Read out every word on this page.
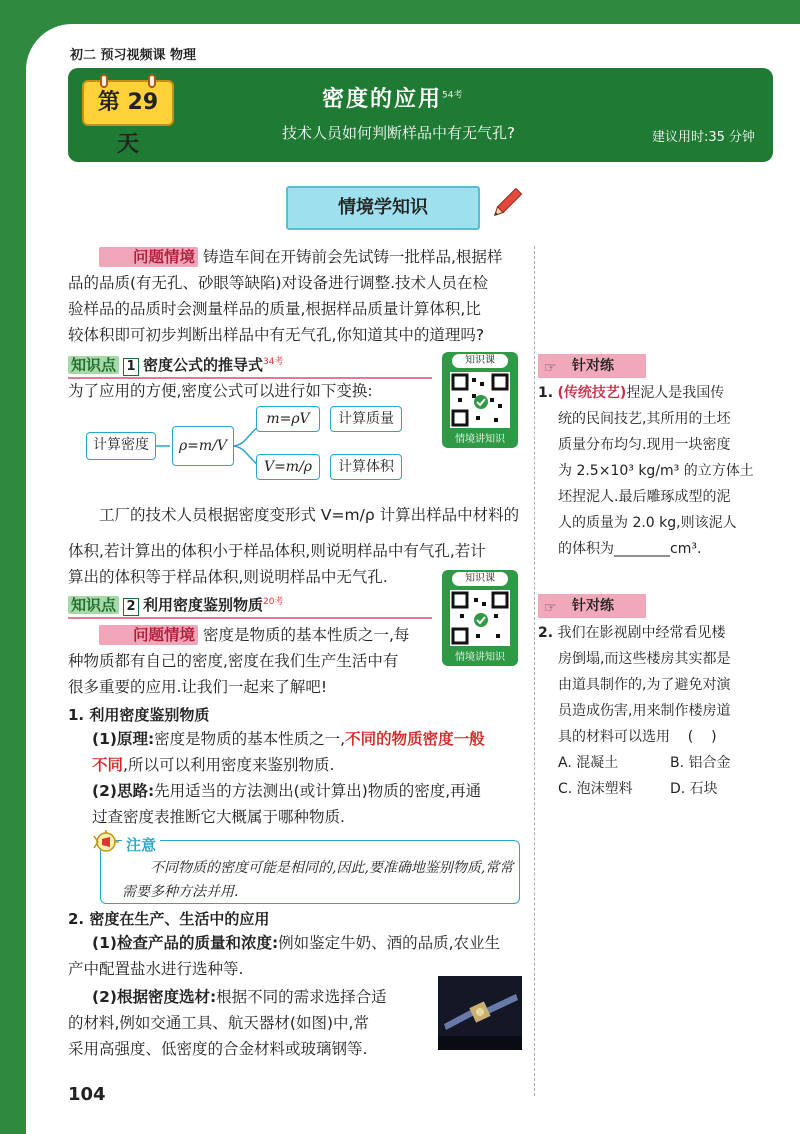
初二 预习视频课 物理
第 29 天
密度的应用$^{54考}$
技术人员如何判断样品中有无气孔?	建议用时:35 分钟
情境学知识
问题情境 铸造车间在开铸前会先试铸一批样品,根据样
品的品质(有无孔、砂眼等缺陷)对设备进行调整.技术人员在检
验样品的品质时会测量样品的质量,根据样品质量计算体积,比
较体积即可初步判断出样品中有无气孔,你知道其中的道理吗?
知识点 1 密度公式的推导式$^{34考}$
为了应用的方便,密度公式可以进行如下变换:
知识课
情境讲知识
计算密度	ρ=m/V
m=ρV	计算质量
V=m/ρ	计算体积
工厂的技术人员根据密度变形式 V=m/ρ 计算出样品中材料的
体积,若计算出的体积小于样品体积,则说明样品中有气孔,若计
算出的体积等于样品体积,则说明样品中无气孔.
知识点 2 利用密度鉴别物质$^{20考}$
知识课
情境讲知识
问题情境 密度是物质的基本性质之一,每
种物质都有自己的密度,密度在我们生产生活中有
很多重要的应用.让我们一起来了解吧!
1. 利用密度鉴别物质
(1)原理:密度是物质的基本性质之一,不同的物质密度一般
不同,所以可以利用密度来鉴别物质.
(2)思路:先用适当的方法测出(或计算出)物质的密度,再通
过查密度表推断它大概属于哪种物质.
注意
不同物质的密度可能是相同的,因此,要准确地鉴别物质,常常需要多种方法并用.
2. 密度在生产、生活中的应用
(1)检查产品的质量和浓度:例如鉴定牛奶、酒的品质,农业生
产中配置盐水进行选种等.
(2)根据密度选材:根据不同的需求选择合适
的材料,例如交通工具、航天器材(如图)中,常
采用高强度、低密度的合金材料或玻璃钢等.
☞ 针对练
1. (传统技艺)捏泥人是我国传
统的民间技艺,其所用的土坯
质量分布均匀.现用一块密度
为 2.5×10³ kg/m³ 的立方体土
坯捏泥人.最后雕琢成型的泥
人的质量为 2.0 kg,则该泥人
的体积为________cm³.
☞ 针对练
2. 我们在影视剧中经常看见楼
房倒塌,而这些楼房其实都是
由道具制作的,为了避免对演
员造成伤害,用来制作楼房道
具的材料可以选用    (    )
A. 混凝土	B. 铝合金
C. 泡沫塑料	D. 石块
104
